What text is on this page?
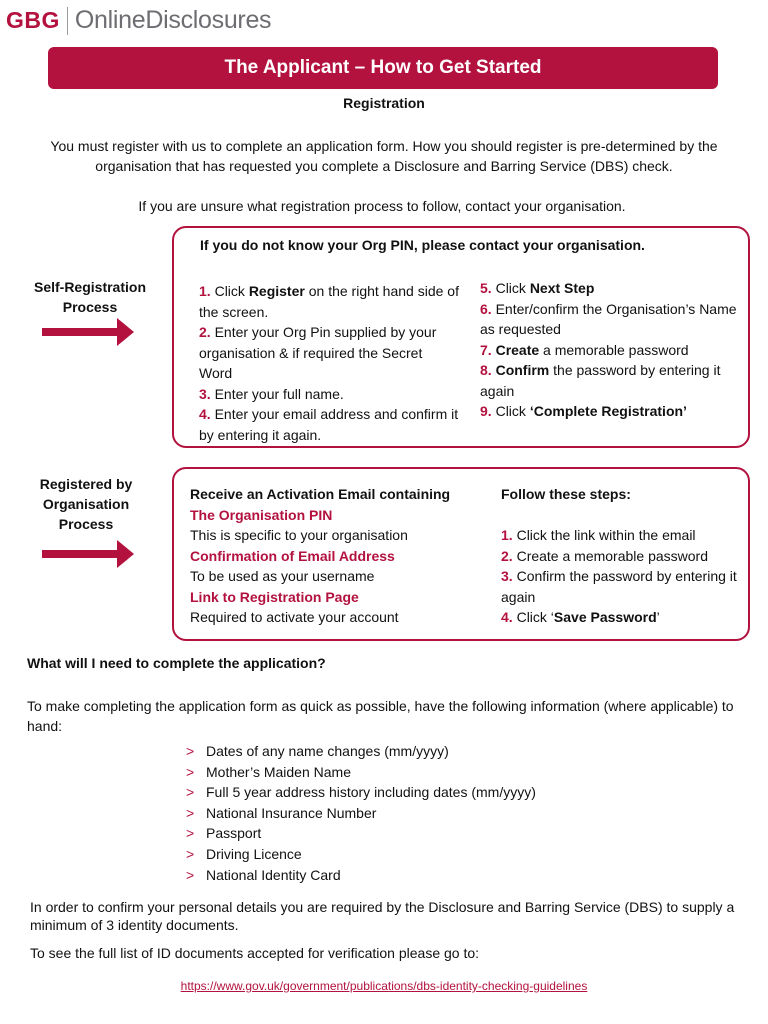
GBG OnlineDisclosures
The Applicant – How to Get Started
Registration
You must register with us to complete an application form. How you should register is pre-determined by the organisation that has requested you complete a Disclosure and Barring Service (DBS) check.
If you are unsure what registration process to follow, contact your organisation.
Self-Registration Process
If you do not know your Org PIN, please contact your organisation.
1. Click Register on the right hand side of the screen.
2. Enter your Org Pin supplied by your organisation & if required the Secret Word
3. Enter your full name.
4. Enter your email address and confirm it by entering it again.
5. Click Next Step
6. Enter/confirm the Organisation’s Name as requested
7. Create a memorable password
8. Confirm the password by entering it again
9. Click ‘Complete Registration’
Registered by Organisation Process
Receive an Activation Email containing
The Organisation PIN
This is specific to your organisation
Confirmation of Email Address
To be used as your username
Link to Registration Page
Required to activate your account
Follow these steps:
1. Click the link within the email
2. Create a memorable password
3. Confirm the password by entering it again
4. Click ‘Save Password’
What will I need to complete the application?
To make completing the application form as quick as possible, have the following information (where applicable) to hand:
> Dates of any name changes (mm/yyyy)
> Mother’s Maiden Name
> Full 5 year address history including dates (mm/yyyy)
> National Insurance Number
> Passport
> Driving Licence
> National Identity Card
In order to confirm your personal details you are required by the Disclosure and Barring Service (DBS) to supply a minimum of 3 identity documents.
To see the full list of ID documents accepted for verification please go to:
https://www.gov.uk/government/publications/dbs-identity-checking-guidelines
